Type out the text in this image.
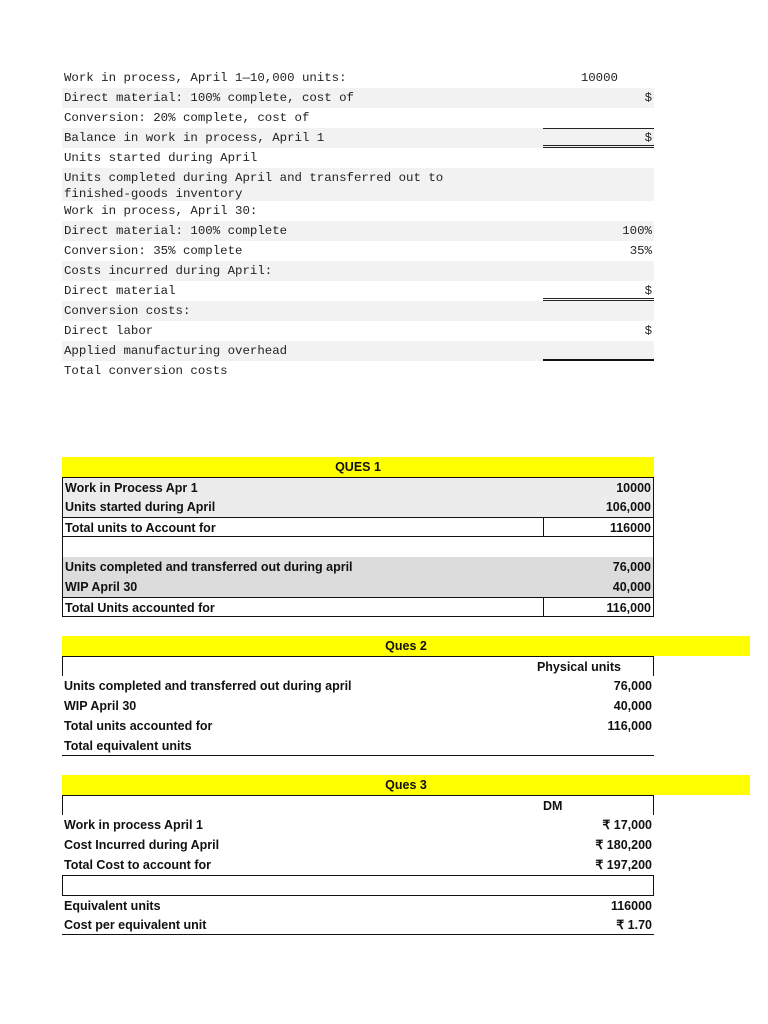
Work in process, April 1—10,000 units:	10000
Direct material: 100% complete, cost of	$
Conversion: 20% complete, cost of
Balance in work in process, April 1	$
Units started during April
Units completed during April and transferred out to
finished-goods inventory
Work in process, April 30:
Direct material: 100% complete	100%
Conversion: 35% complete	35%
Costs incurred during April:
Direct material	$
Conversion costs:
Direct labor	$
Applied manufacturing overhead
Total conversion costs
QUES 1
Work in Process Apr 1	10000
Units started during April	106,000
Total units to Account for	116000
Units completed and transferred out during april	76,000
WIP April 30	40,000
Total Units accounted for	116,000
Ques 2
Physical units
Units completed and transferred out during april	76,000
WIP April 30	40,000
Total units accounted for	116,000
Total equivalent units
Ques 3
DM
Work in process April 1	₹ 17,000
Cost Incurred during April	₹ 180,200
Total Cost to account for	₹ 197,200
Equivalent units	116000
Cost per equivalent unit	₹ 1.70
